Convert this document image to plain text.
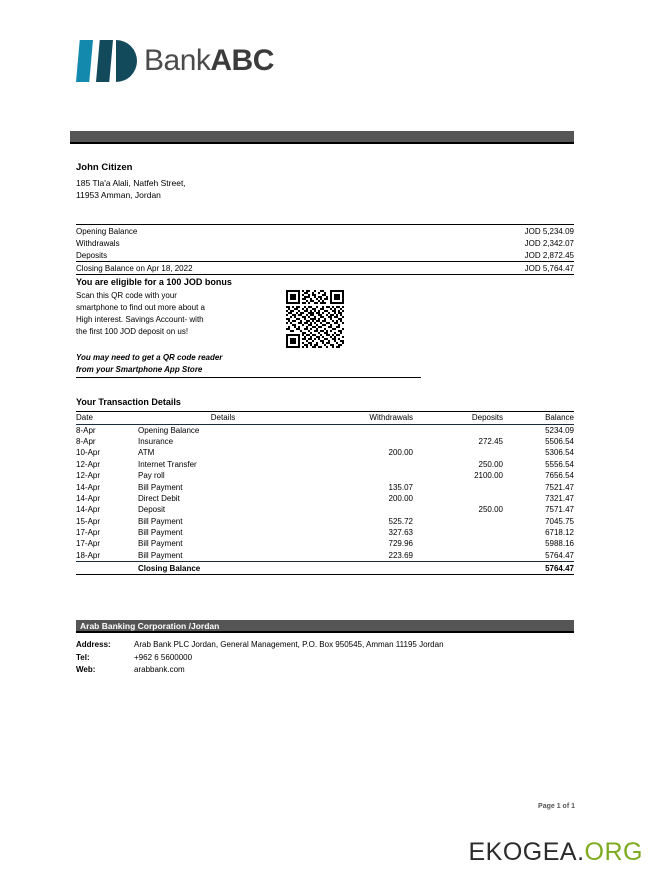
BankABC
John Citizen
185 Tla'a Alali, Natfeh Street,
11953 Amman, Jordan
Opening Balance	JOD 5,234.09
Withdrawals	JOD 2,342.07
Deposits	JOD 2,872.45
Closing Balance on Apr 18, 2022	JOD 5,764.47
You are eligible for a 100 JOD bonus
Scan this QR code with your
smartphone to find out more about a
High interest. Savings Account- with
the first 100 JOD deposit on us!
You may need to get a QR code reader
from your Smartphone App Store
Your Transaction Details
Date	Details	Withdrawals	Deposits	Balance
8-Apr	Opening Balance			5234.09
8-Apr	Insurance		272.45	5506.54
10-Apr	ATM	200.00		5306.54
12-Apr	Internet Transfer		250.00	5556.54
12-Apr	Pay roll		2100.00	7656.54
14-Apr	Bill Payment	135.07		7521.47
14-Apr	Direct Debit	200.00		7321.47
14-Apr	Deposit		250.00	7571.47
15-Apr	Bill Payment	525.72		7045.75
17-Apr	Bill Payment	327.63		6718.12
17-Apr	Bill Payment	729.96		5988.16
18-Apr	Bill Payment	223.69		5764.47
	Closing Balance			5764.47
Arab Banking Corporation /Jordan
Address:	Arab Bank PLC Jordan, General Management, P.O. Box 950545, Amman 11195 Jordan
Tel:	+962 6 5600000
Web:	arabbank.com
Page 1 of 1
EKOGEA.ORG
